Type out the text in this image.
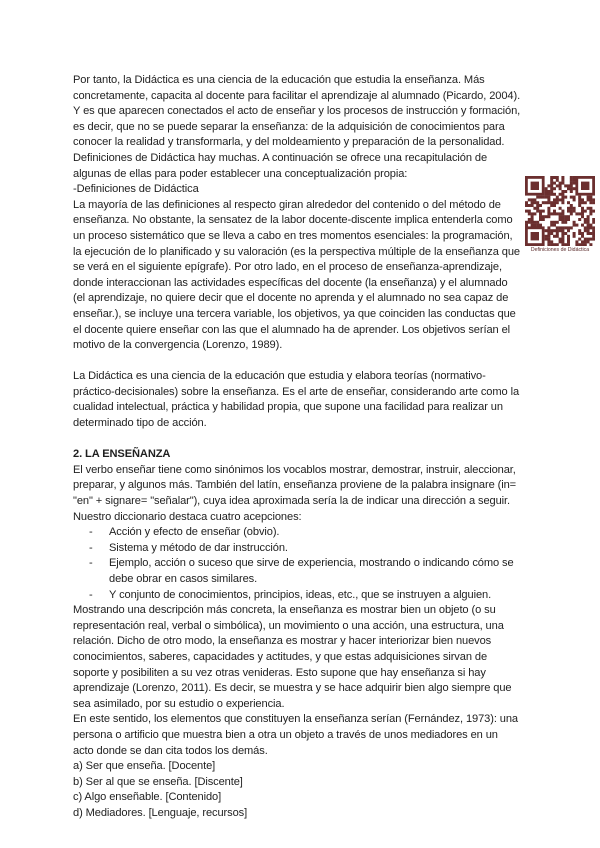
Por tanto, la Didáctica es una ciencia de la educación que estudia la enseñanza. Más concretamente, capacita al docente para facilitar el aprendizaje al alumnado (Picardo, 2004). Y es que aparecen conectados el acto de enseñar y los procesos de instrucción y formación, es decir, que no se puede separar la enseñanza: de la adquisición de conocimientos para conocer la realidad y transformarla, y del moldeamiento y preparación de la personalidad. Definiciones de Didáctica hay muchas. A continuación se ofrece una recapitulación de algunas de ellas para poder establecer una conceptualización propia:

-Definiciones de Didáctica

La mayoría de las definiciones al respecto giran alrededor del contenido o del método de enseñanza. No obstante, la sensatez de la labor docente-discente implica entenderla como un proceso sistemático que se lleva a cabo en tres momentos esenciales: la programación, la ejecución de lo planificado y su valoración (es la perspectiva múltiple de la enseñanza que se verá en el siguiente epígrafe). Por otro lado, en el proceso de enseñanza-aprendizaje, donde interaccionan las actividades específicas del docente (la enseñanza) y el alumnado (el aprendizaje, no quiere decir que el docente no aprenda y el alumnado no sea capaz de enseñar.), se incluye una tercera variable, los objetivos, ya que coinciden las conductas que el docente quiere enseñar con las que el alumnado ha de aprender. Los objetivos serían el motivo de la convergencia (Lorenzo, 1989).

La Didáctica es una ciencia de la educación que estudia y elabora teorías (normativo-práctico-decisionales) sobre la enseñanza. Es el arte de enseñar, considerando arte como la cualidad intelectual, práctica y habilidad propia, que supone una facilidad para realizar un determinado tipo de acción.

2. LA ENSEÑANZA

El verbo enseñar tiene como sinónimos los vocablos mostrar, demostrar, instruir, aleccionar, preparar, y algunos más. También del latín, enseñanza proviene de la palabra insignare (in= "en" + signare= "señalar"), cuya idea aproximada sería la de indicar una dirección a seguir.

Nuestro diccionario destaca cuatro acepciones:

- Acción y efecto de enseñar (obvio).
- Sistema y método de dar instrucción.
- Ejemplo, acción o suceso que sirve de experiencia, mostrando o indicando cómo se debe obrar en casos similares.
- Y conjunto de conocimientos, principios, ideas, etc., que se instruyen a alguien.

Mostrando una descripción más concreta, la enseñanza es mostrar bien un objeto (o su representación real, verbal o simbólica), un movimiento o una acción, una estructura, una relación. Dicho de otro modo, la enseñanza es mostrar y hacer interiorizar bien nuevos conocimientos, saberes, capacidades y actitudes, y que estas adquisiciones sirvan de soporte y posibiliten a su vez otras venideras. Esto supone que hay enseñanza si hay aprendizaje (Lorenzo, 2011). Es decir, se muestra y se hace adquirir bien algo siempre que sea asimilado, por su estudio o experiencia.

En este sentido, los elementos que constituyen la enseñanza serían (Fernández, 1973): una persona o artificio que muestra bien a otra un objeto a través de unos mediadores en un acto donde se dan cita todos los demás.

a) Ser que enseña. [Docente]

b) Ser al que se enseña. [Discente]

c) Algo enseñable. [Contenido]

d) Mediadores. [Lenguaje, recursos]

Definiciones de Didáctica
